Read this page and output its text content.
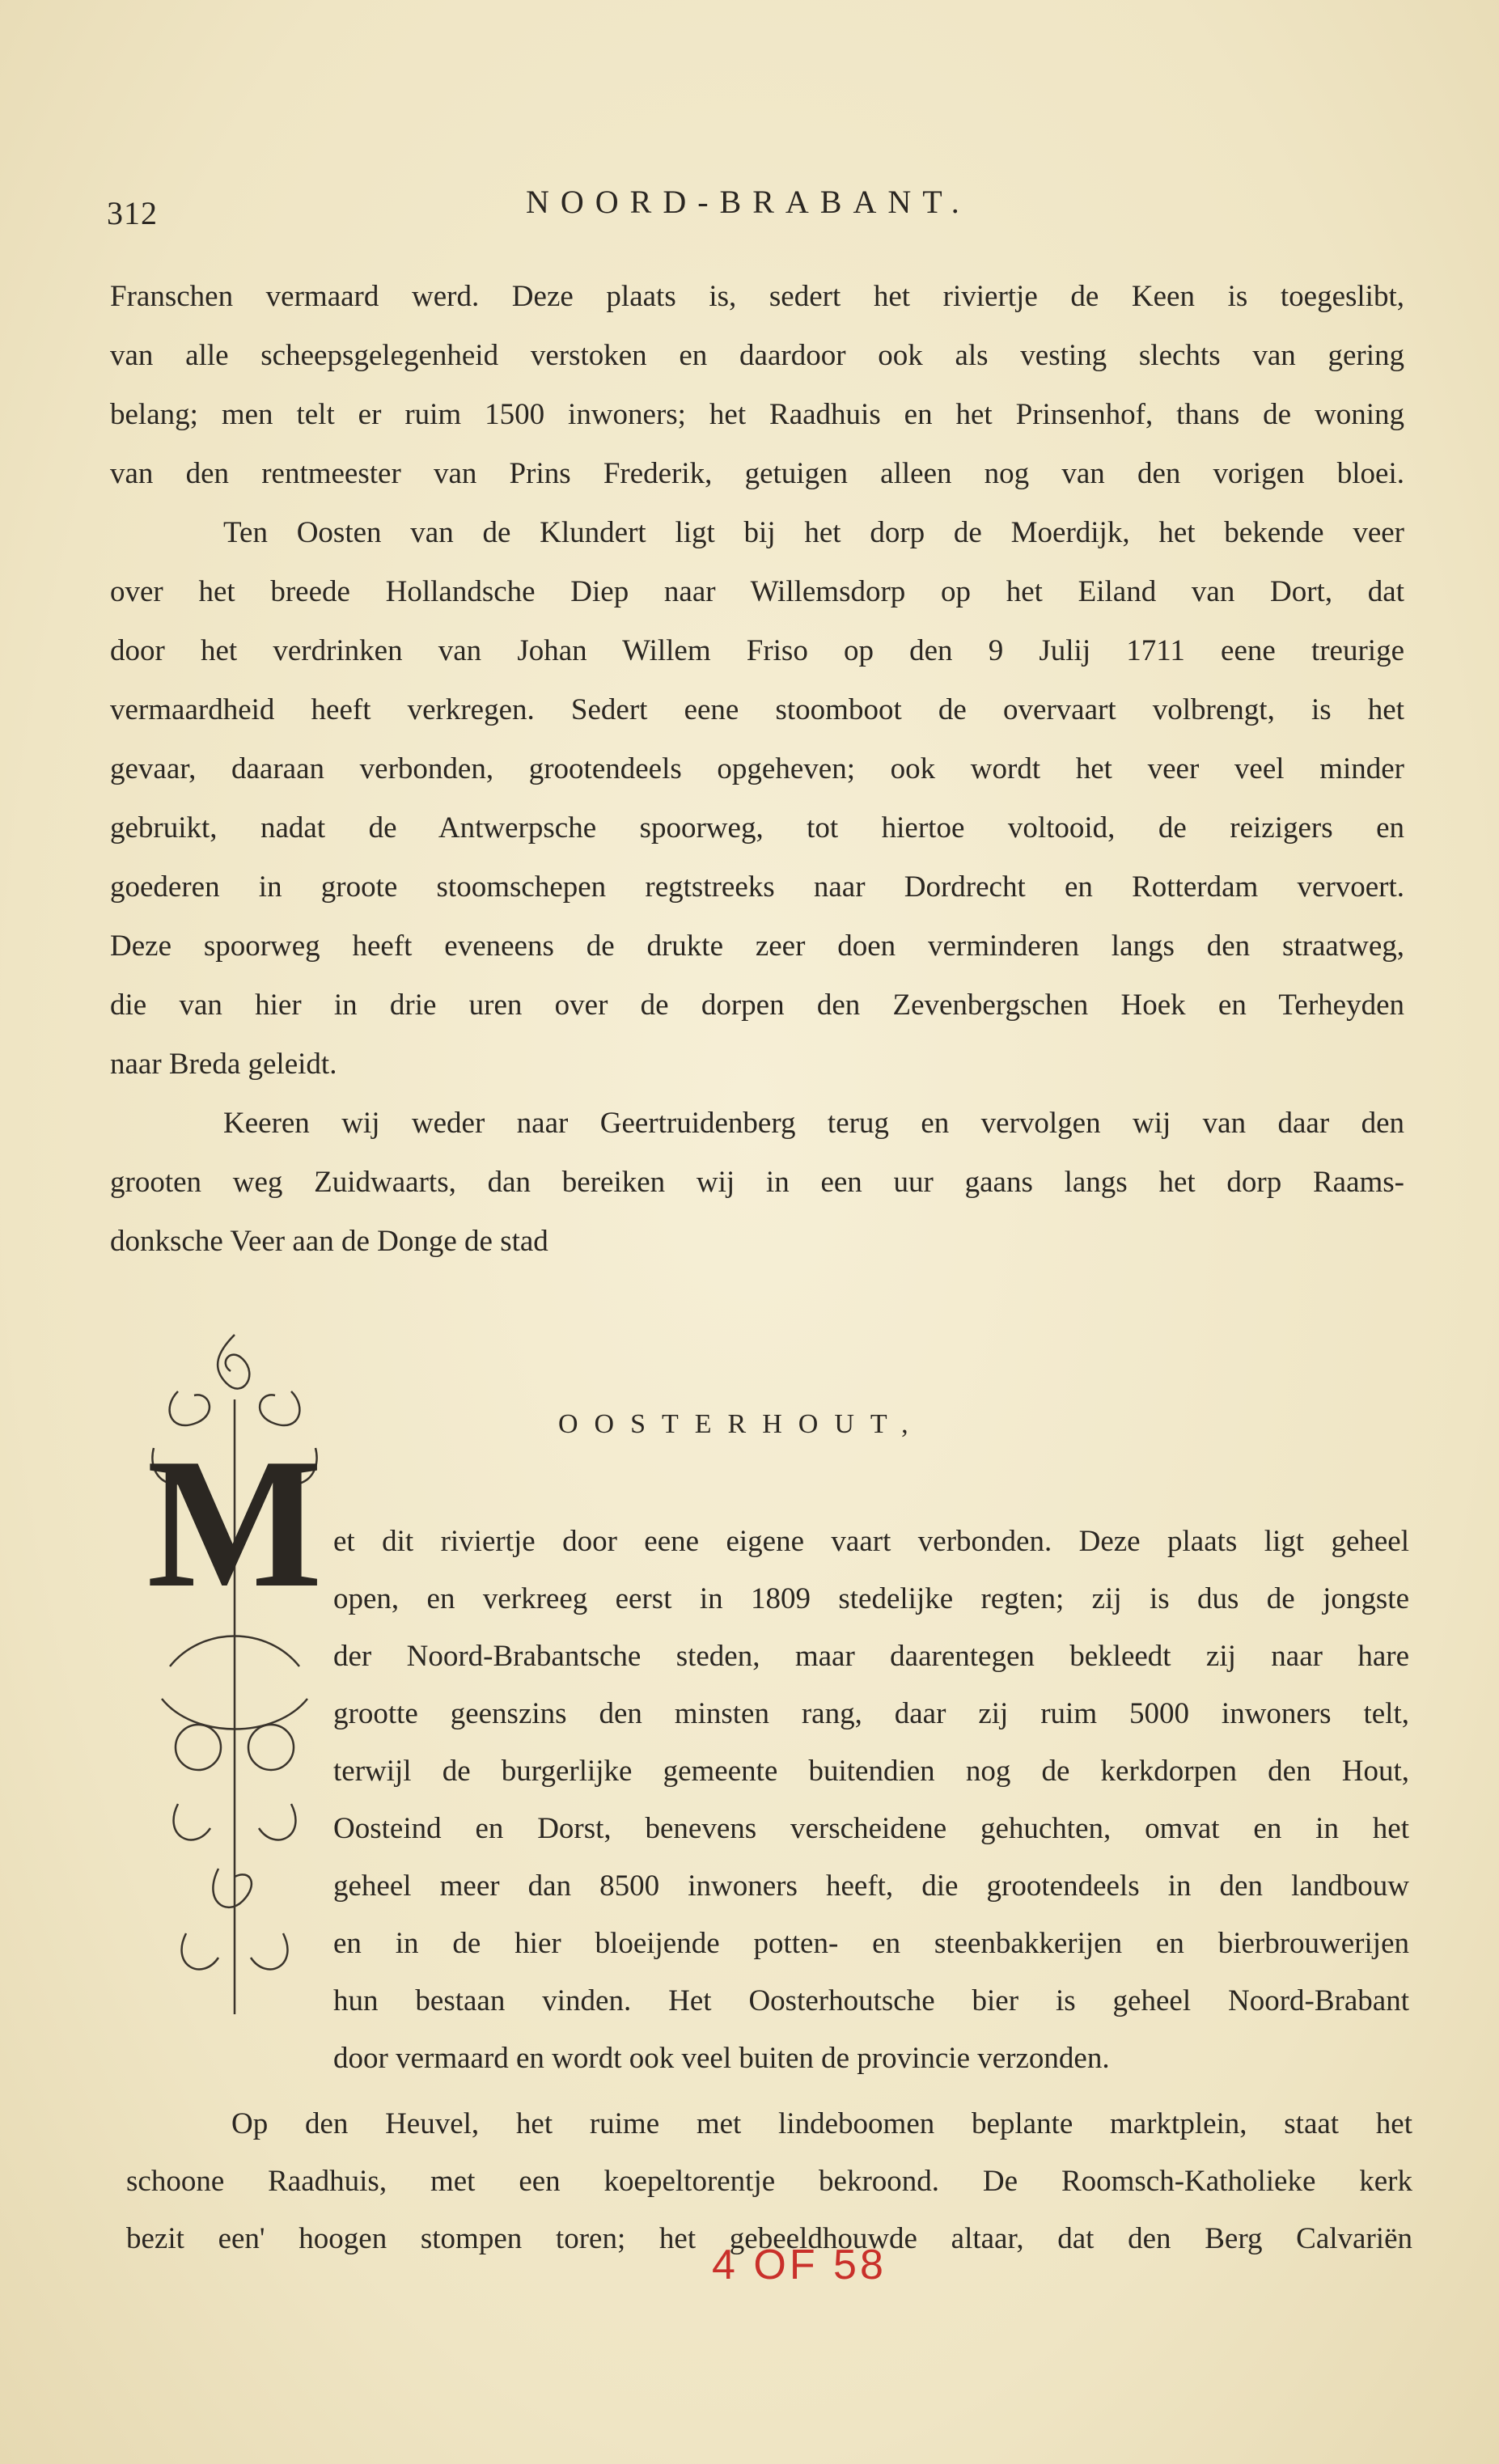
312	NOORD-BRABANT.
Franschen vermaard werd. Deze plaats is, sedert het riviertje de Keen is toegeslibt,
van alle scheepsgelegenheid verstoken en daardoor ook als vesting slechts van gering
belang; men telt er ruim 1500 inwoners; het Raadhuis en het Prinsenhof, thans de woning
van den rentmeester van Prins Frederik, getuigen alleen nog van den vorigen bloei.
Ten Oosten van de Klundert ligt bij het dorp de Moerdijk, het bekende veer
over het breede Hollandsche Diep naar Willemsdorp op het Eiland van Dort, dat
door het verdrinken van Johan Willem Friso op den 9 Julij 1711 eene treurige
vermaardheid heeft verkregen. Sedert eene stoomboot de overvaart volbrengt, is het
gevaar, daaraan verbonden, grootendeels opgeheven; ook wordt het veer veel minder
gebruikt, nadat de Antwerpsche spoorweg, tot hiertoe voltooid, de reizigers en
goederen in groote stoomschepen regtstreeks naar Dordrecht en Rotterdam vervoert.
Deze spoorweg heeft eveneens de drukte zeer doen verminderen langs den straatweg,
die van hier in drie uren over de dorpen den Zevenbergschen Hoek en Terheyden
naar Breda geleidt.
Keeren wij weder naar Geertruidenberg terug en vervolgen wij van daar den
grooten weg Zuidwaarts, dan bereiken wij in een uur gaans langs het dorp Raams-
donksche Veer aan de Donge de stad
M	OOSTERHOUT,
et dit riviertje door eene eigene vaart verbonden. Deze plaats ligt geheel
open, en verkreeg eerst in 1809 stedelijke regten; zij is dus de jongste
der Noord-Brabantsche steden, maar daarentegen bekleedt zij naar hare
grootte geenszins den minsten rang, daar zij ruim 5000 inwoners telt,
terwijl de burgerlijke gemeente buitendien nog de kerkdorpen den Hout,
Oosteind en Dorst, benevens verscheidene gehuchten, omvat en in het
geheel meer dan 8500 inwoners heeft, die grootendeels in den landbouw
en in de hier bloeijende potten- en steenbakkerijen en bierbrouwerijen
hun bestaan vinden. Het Oosterhoutsche bier is geheel Noord-Brabant
door vermaard en wordt ook veel buiten de provincie verzonden.
Op den Heuvel, het ruime met lindeboomen beplante marktplein, staat het
schoone Raadhuis, met een koepeltorentje bekroond. De Roomsch-Katholieke kerk
bezit een' hoogen stompen toren; het gebeeldhouwde altaar, dat den Berg Calvariën
4 OF 58
